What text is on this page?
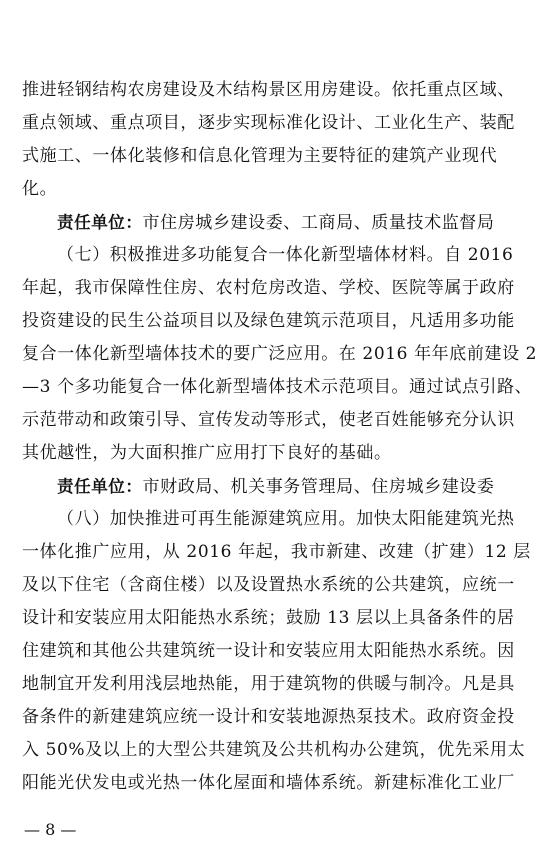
推进轻钢结构农房建设及木结构景区用房建设。依托重点区域、
重点领域、重点项目，逐步实现标准化设计、工业化生产、装配
式施工、一体化装修和信息化管理为主要特征的建筑产业现代
化。
责任单位：市住房城乡建设委、工商局、质量技术监督局
（七）积极推进多功能复合一体化新型墙体材料。自 2016
年起，我市保障性住房、农村危房改造、学校、医院等属于政府
投资建设的民生公益项目以及绿色建筑示范项目，凡适用多功能
复合一体化新型墙体技术的要广泛应用。在 2016 年年底前建设 2
—3 个多功能复合一体化新型墙体技术示范项目。通过试点引路、
示范带动和政策引导、宣传发动等形式，使老百姓能够充分认识
其优越性，为大面积推广应用打下良好的基础。
责任单位：市财政局、机关事务管理局、住房城乡建设委
（八）加快推进可再生能源建筑应用。加快太阳能建筑光热
一体化推广应用，从 2016 年起，我市新建、改建（扩建）12 层
及以下住宅（含商住楼）以及设置热水系统的公共建筑，应统一
设计和安装应用太阳能热水系统；鼓励 13 层以上具备条件的居
住建筑和其他公共建筑统一设计和安装应用太阳能热水系统。因
地制宜开发利用浅层地热能，用于建筑物的供暖与制冷。凡是具
备条件的新建建筑应统一设计和安装地源热泵技术。政府资金投
入 50%及以上的大型公共建筑及公共机构办公建筑，优先采用太
阳能光伏发电或光热一体化屋面和墙体系统。新建标准化工业厂
— 8 —
